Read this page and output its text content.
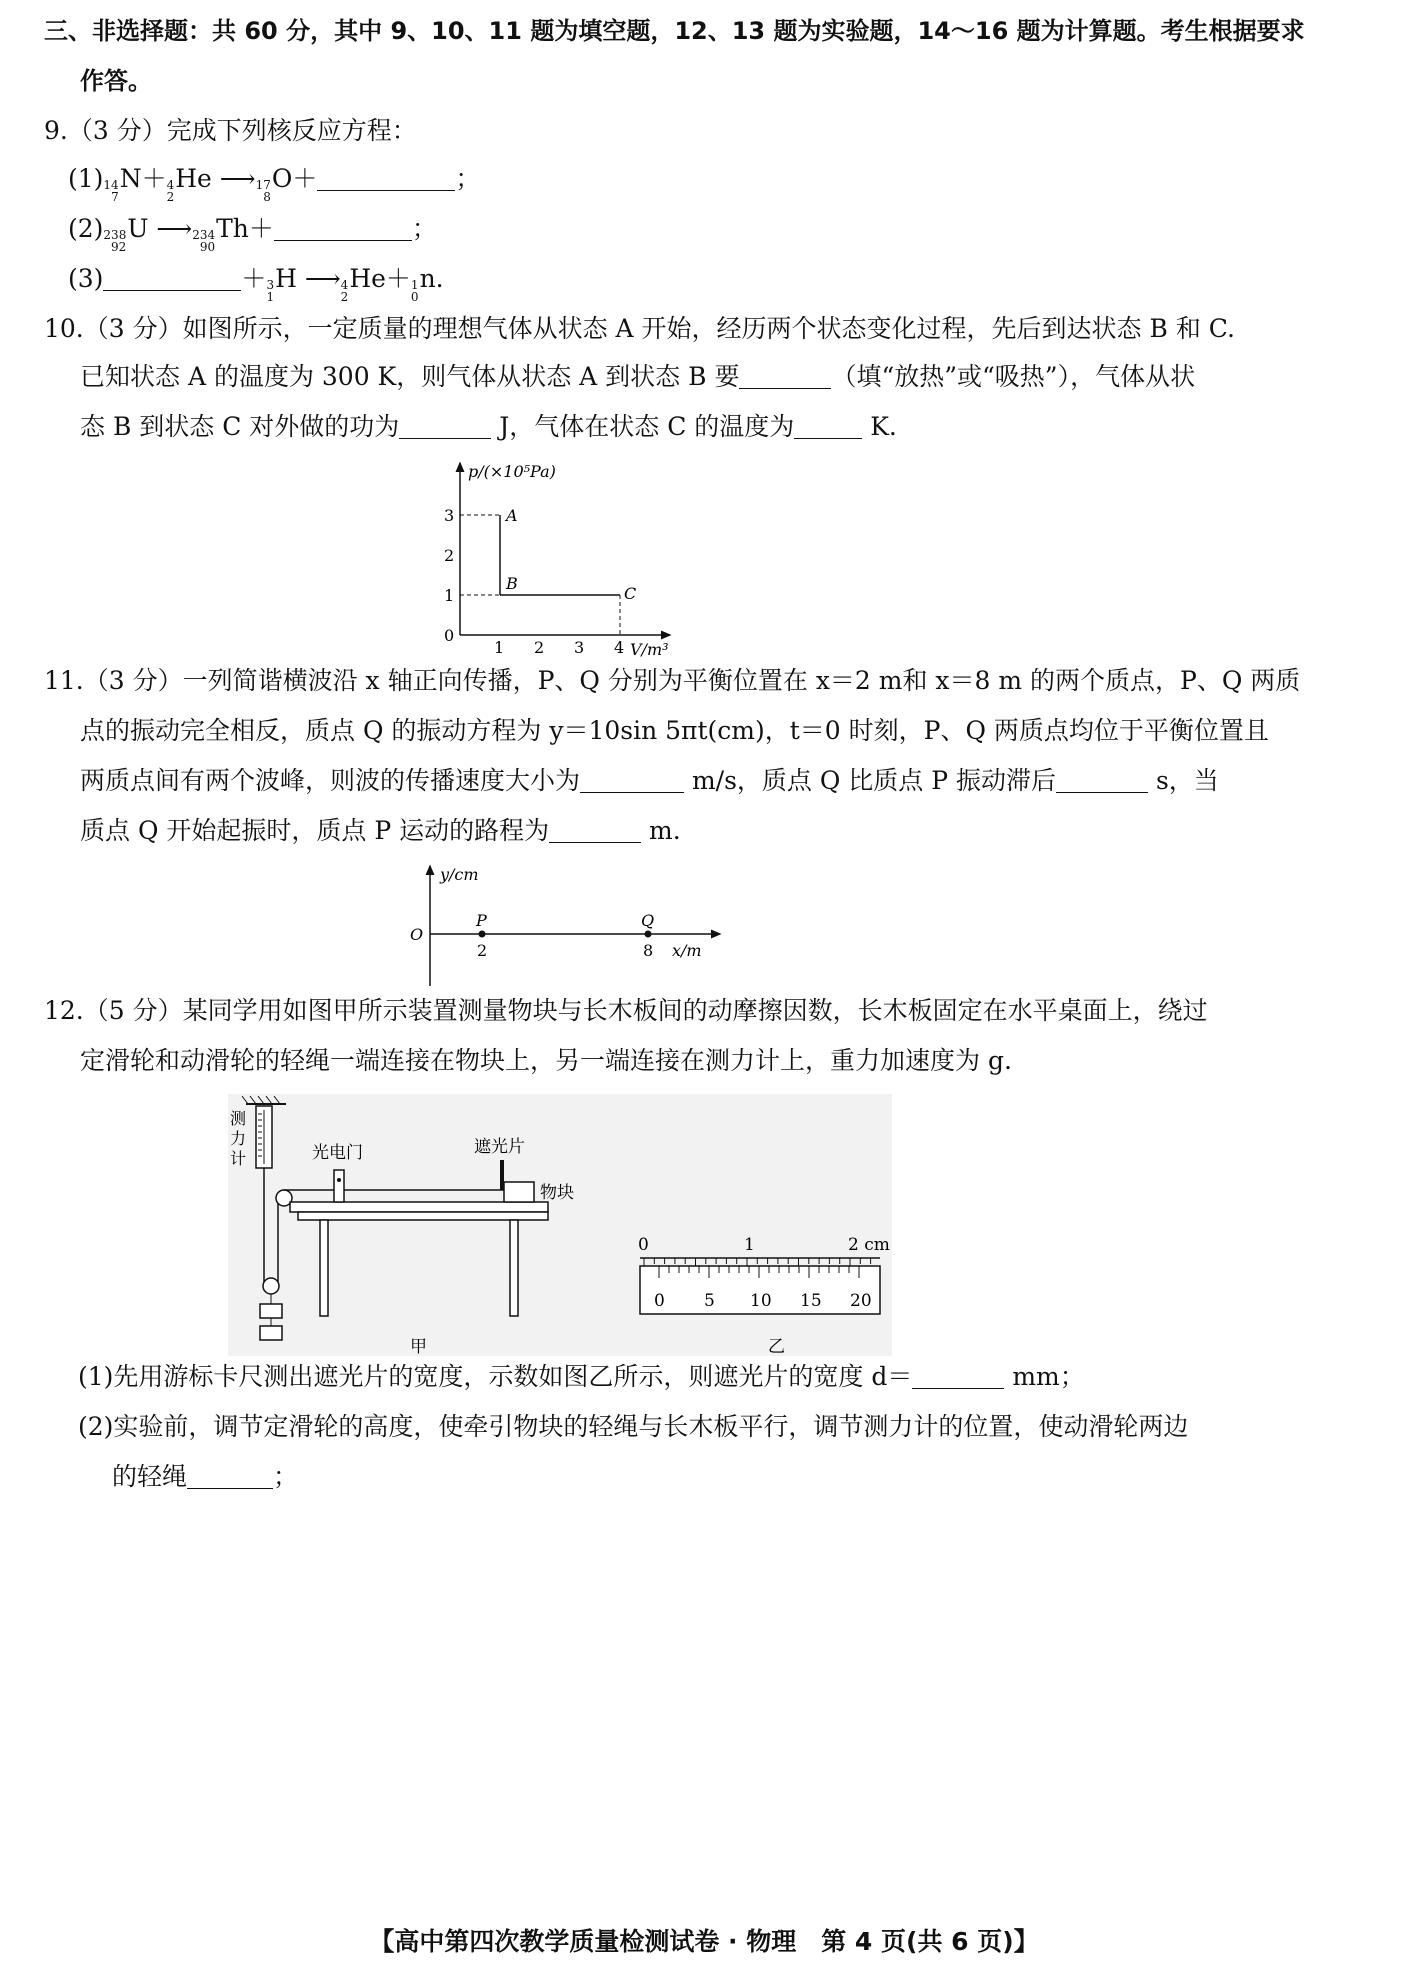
三、非选择题：共 60 分，其中 9、10、11 题为填空题，12、13 题为实验题，14～16 题为计算题。考生根据要求
作答。
9.（3 分）完成下列核反应方程：
(1) 14
7
N＋ 4
2
He ⟶ 17
8
O＋	；
(2) 238
92
U ⟶ 234
90
Th＋	；
(3)	＋ 3
1
H ⟶ 4
2
He＋ 1
0
n.
10.（3 分）如图所示，一定质量的理想气体从状态 A 开始，经历两个状态变化过程，先后到达状态 B 和 C.
已知状态 A 的温度为 300 K，则气体从状态 A 到状态 B 要	（填“放热”或“吸热”），气体从状
态 B 到状态 C 对外做的功为	J，气体在状态 C 的温度为	K.
p/(×10⁵Pa)
V/m³
3
2
1
0
1 2 3 4
A
B
C
11.（3 分）一列简谐横波沿 x 轴正向传播，P、Q 分别为平衡位置在 x＝2 m和 x＝8 m 的两个质点，P、Q 两质
点的振动完全相反，质点 Q 的振动方程为 y＝10sin 5πt(cm)，t＝0 时刻，P、Q 两质点均位于平衡位置且
两质点间有两个波峰，则波的传播速度大小为	m/s，质点 Q 比质点 P 振动滞后	s，当
质点 Q 开始起振时，质点 P 运动的路程为	m.
y/cm
x/m
O
P	Q
2	8
12.（5 分）某同学用如图甲所示装置测量物块与长木板间的动摩擦因数，长木板固定在水平桌面上，绕过
定滑轮和动滑轮的轻绳一端连接在物块上，另一端连接在测力计上，重力加速度为 g.
测
力
计	光电门	遮光片
物块
甲
0	1	2 cm
0 5 10 15 20
乙
(1)先用游标卡尺测出遮光片的宽度，示数如图乙所示，则遮光片的宽度 d＝	mm；
(2)实验前，调节定滑轮的高度，使牵引物块的轻绳与长木板平行，调节测力计的位置，使动滑轮两边
的轻绳	；
【高中第四次教学质量检测试卷 · 物理　第 4 页(共 6 页)】
